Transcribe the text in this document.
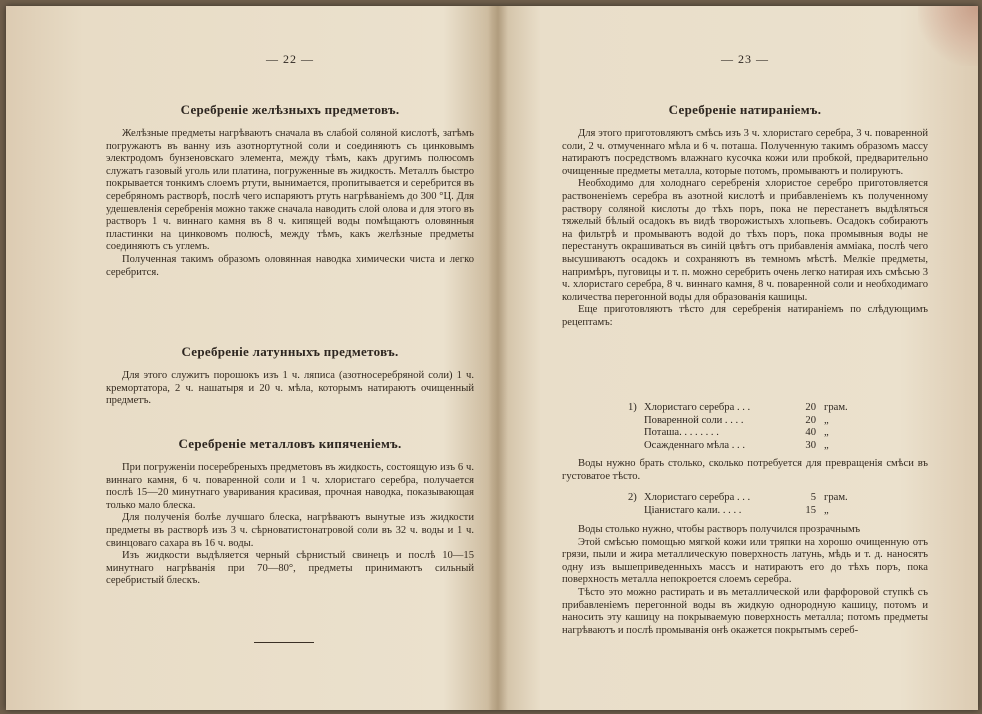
— 22 —
Серебренiе желѣзныхъ предметовъ.

Желѣзные предметы нагрѣваютъ сначала въ слабой соляной кислотѣ, затѣмъ погружаютъ въ ванну изъ азотнортутной соли и соединяютъ съ цинковымъ электродомъ бунзеновскаго элемента, между тѣмъ, какъ другимъ полюсомъ служатъ газовый уголь или платина, погруженные въ жидкость. Металлъ быстро покрывается тонкимъ слоемъ ртути, вынимается, пропитывается и серебрится въ серебряномъ растворѣ, послѣ чего испаряютъ ртуть нагрѣванiемъ до 300 °Ц. Для удешевленiя серебренiя можно также сначала наводить слой олова и для этого въ растворъ 1 ч. виннаго камня въ 8 ч. кипящей воды помѣщаютъ оловянныя пластинки на цинковомъ полюсѣ, между тѣмъ, какъ желѣзные предметы соединяютъ съ углемъ.

Полученная такимъ образомъ оловянная наводка химически чиста и легко серебрится.

Серебренiе латунныхъ предметовъ.

Для этого служитъ порошокъ изъ 1 ч. ляписа (азотносеребряной соли) 1 ч. кремортатора, 2 ч. нашатыря и 20 ч. мѣла, которымъ натираютъ очищенный предметъ.

Серебренiе металловъ кипяченiемъ.

При погруженiи посеребреныхъ предметовъ въ жидкость, состоящую изъ 6 ч. виннаго камня, 6 ч. поваренной соли и 1 ч. хлористаго серебра, получается послѣ 15—20 минутнаго уваривания красивая, прочная наводка, показывающая только мало блеска.

Для полученiя болѣе лучшаго блеска, нагрѣваютъ вынутые изъ жидкости предметы въ растворѣ изъ 3 ч. сѣрноватистонатровой соли въ 32 ч. воды и 1 ч. свинцоваго сахара въ 16 ч. воды.

Изъ жидкости выдѣляется черный сѣрнистый свинецъ и послѣ 10—15 минутнаго нагрѣванiя при 70—80°, предметы принимаютъ сильный серебристый блескъ.

— 23 —
Серебренiе натиранiемъ.

Для этого приготовляютъ смѣсь изъ 3 ч. хлористаго серебра, 3 ч. поваренной соли, 2 ч. отмученнаго мѣла и 6 ч. поташа. Полученную такимъ образомъ массу натираютъ посредствомъ влажнаго кусочка кожи или пробкой, предварительно очищенные предметы металла, которые потомъ, промываютъ и полируютъ.

Необходимо для холоднаго серебренiя хлористое серебро приготовляется раствоненiемъ серебра въ азотной кислотѣ и прибавленiемъ къ полученному раствору соляной кислоты до тѣхъ поръ, пока не перестанетъ выдѣляться тяжелый бѣлый осадокъ въ видѣ творожистыхъ хлопьевъ. Осадокъ собираютъ на фильтрѣ и промываютъ водой до тѣхъ поръ, пока промывныя воды не перестанутъ окрашиваться въ синiй цвѣтъ отъ прибавленiя амміака, послѣ чего высушиваютъ осадокъ и сохраняютъ въ темномъ мѣстѣ. Мелкiе предметы, напримѣръ, пуговицы и т. п. можно серебрить очень легко натирая ихъ смѣсью 3 ч. хлористаго серебра, 8 ч. виннаго камня, 8 ч. поваренной соли и необходимаго количества перегонной воды для образованiя кашицы.

Еще приготовляютъ тѣсто для серебренiя натиранiемъ по слѣдующимъ рецептамъ:

1) Хлористаго серебра . . .	20 грам.
Поваренной соли . . . .	20 „
Поташа. . . . . . . .	40 „
Осажденнаго мѣла . . .	30 „

Воды нужно брать столько, сколько потребуется для превращенiя смѣси въ густоватое тѣсто.

2) Хлористаго серебра . . .	5 грам.
Цiанистаго кали. . . . .	15 „

Воды столько нужно, чтобы растворъ получился прозрачнымъ

Этой смѣсью помощью мягкой кожи или тряпки на хорошо очищенную отъ грязи, пыли и жира металлическую поверхность латунь, мѣдь и т. д. наносятъ одну изъ вышеприведенныхъ массъ и натираютъ его до тѣхъ поръ, пока поверхность металла непокроется слоемъ серебра.

Тѣсто это можно растирать и въ металлической или фарфоровой ступкѣ съ прибавленiемъ перегонной воды въ жидкую однородную кашицу, потомъ и наносить эту кашицу на покрываемую поверхность металла; потомъ предметы нагрѣваютъ и послѣ промыванiя онѣ окажется покрытымъ сереб-
